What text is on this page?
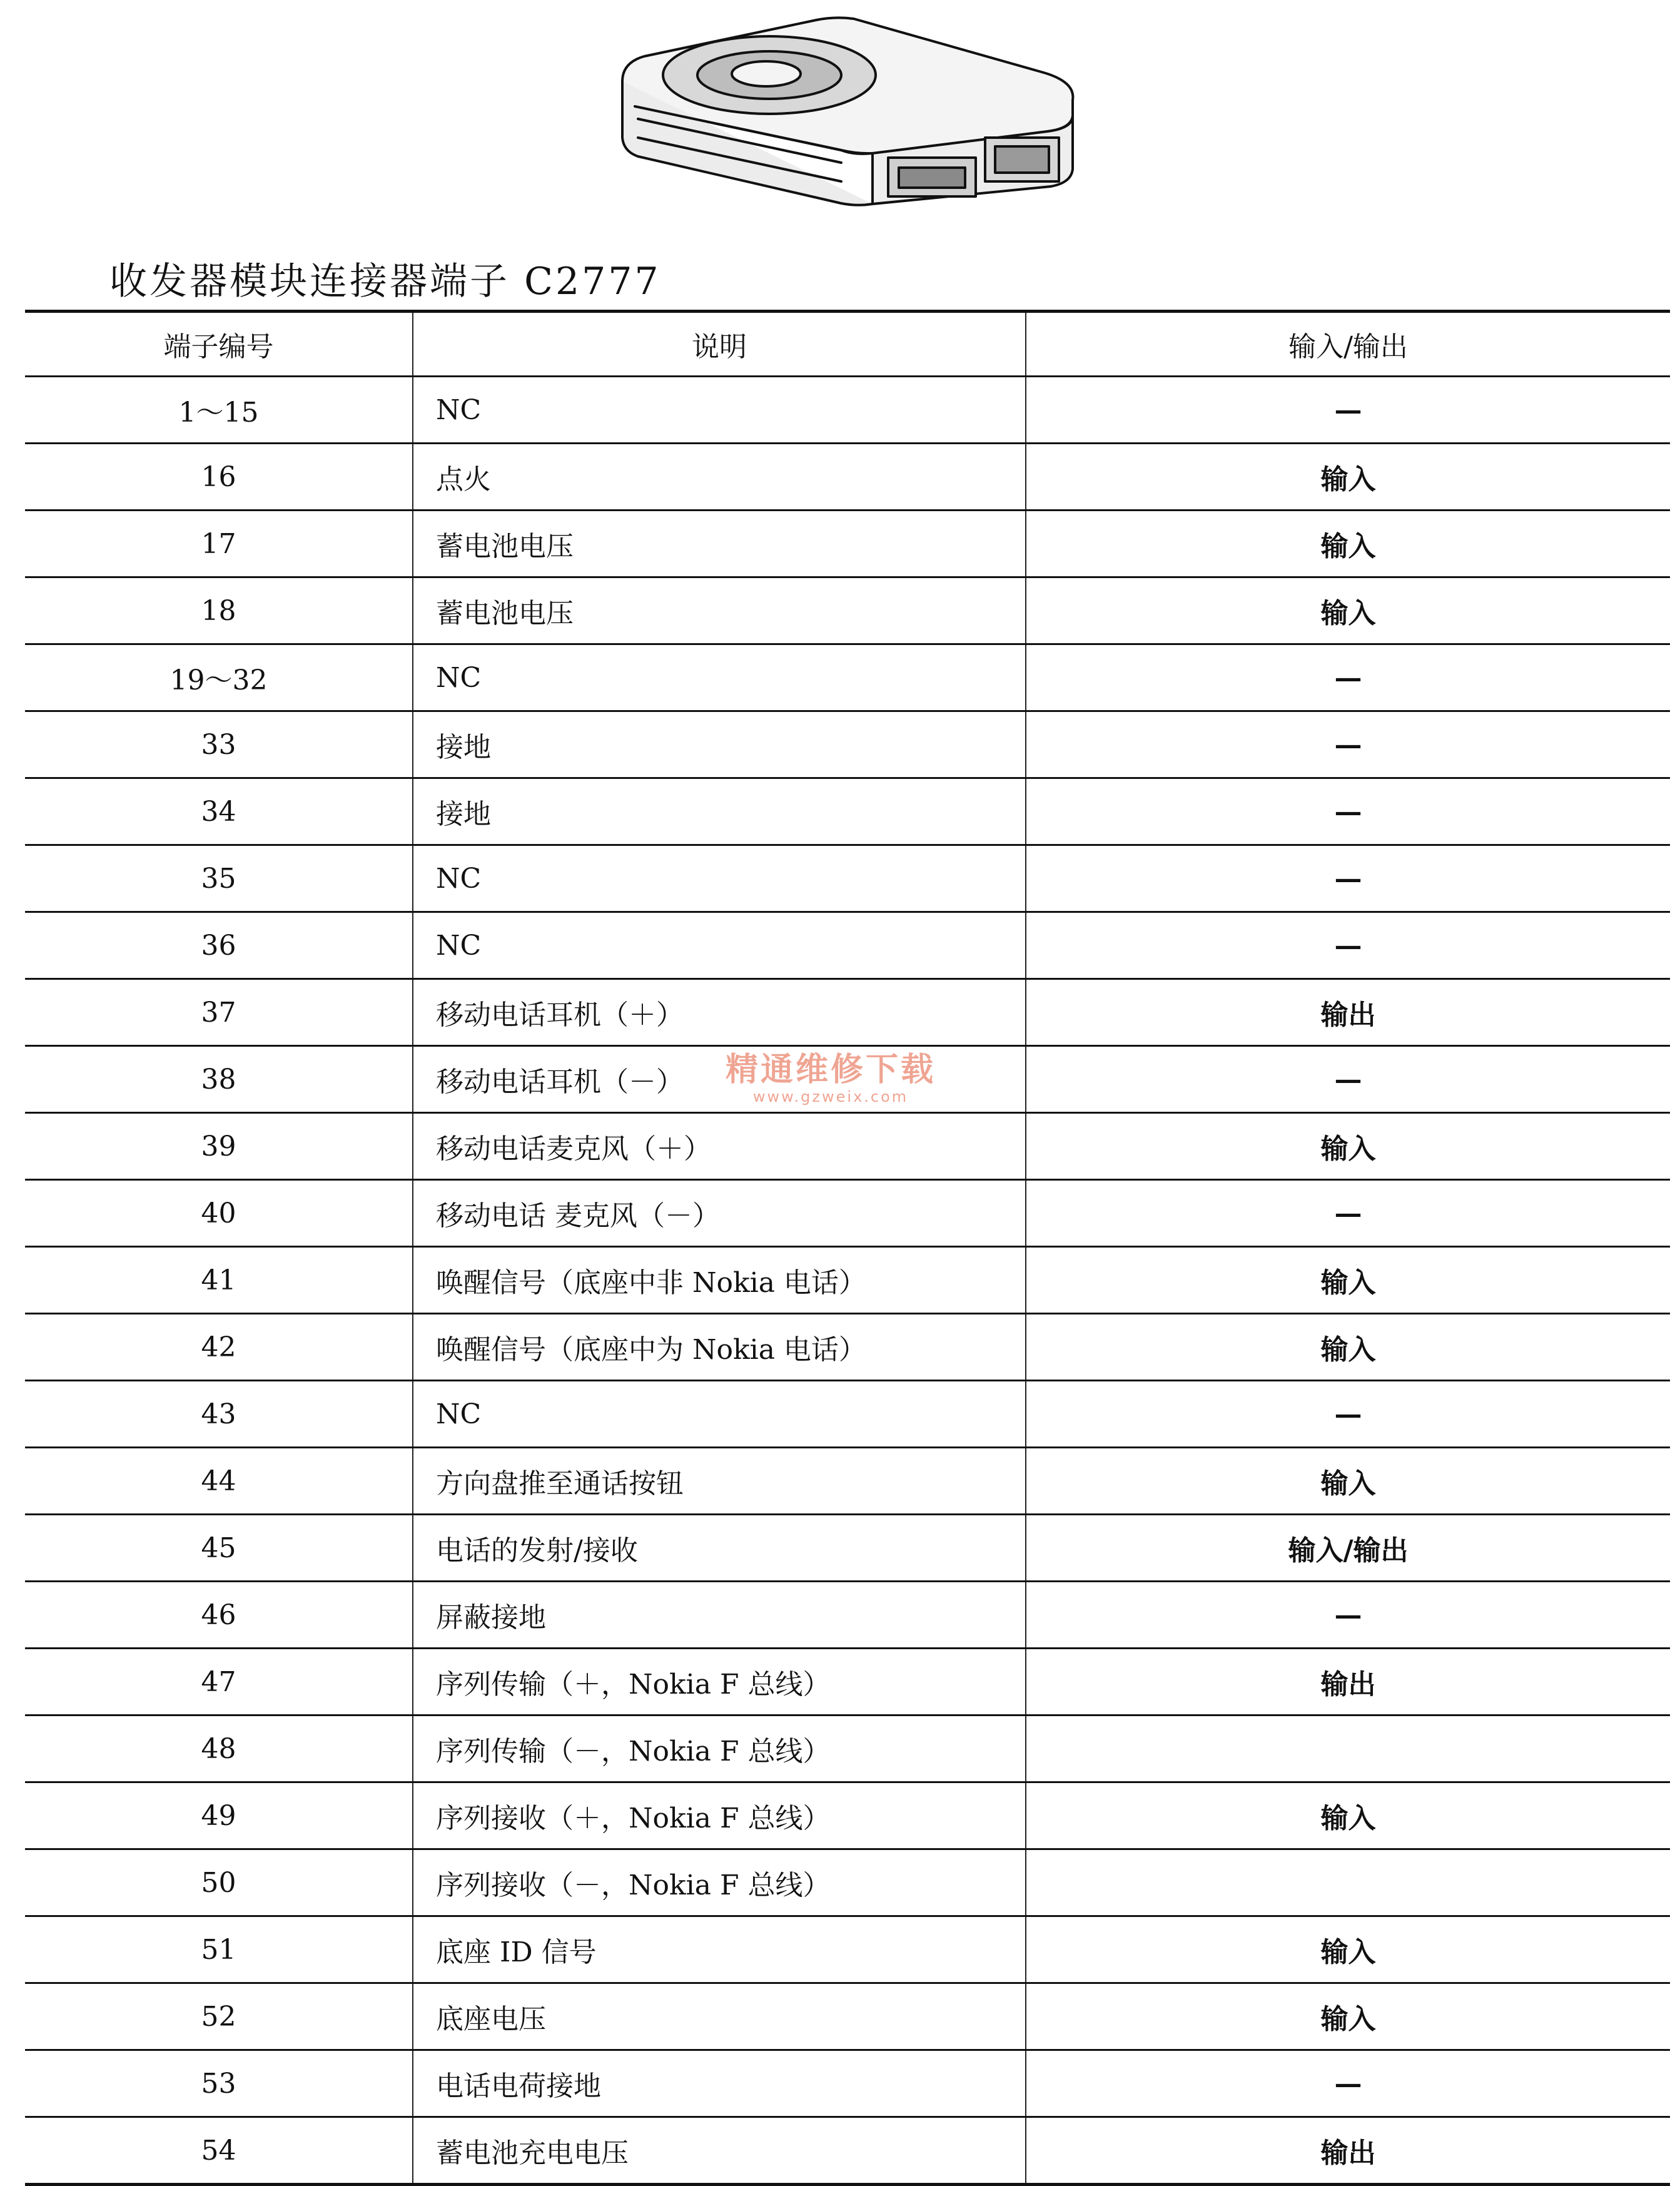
收发器模块连接器端子 C2777
端子编号	说明	输入/输出
1～15	NC	—
16	点火	输入
17	蓄电池电压	输入
18	蓄电池电压	输入
19～32	NC	—
33	接地	—
34	接地	—
35	NC	—
36	NC	—
37	移动电话耳机（＋）	输出
38	移动电话耳机（－）	—
39	移动电话麦克风（＋）	输入
40	移动电话 麦克风（－）	—
41	唤醒信号（底座中非 Nokia 电话）	输入
42	唤醒信号（底座中为 Nokia 电话）	输入
43	NC	—
44	方向盘推至通话按钮	输入
45	电话的发射/接收	输入/输出
46	屏蔽接地	—
47	序列传输（＋，Nokia F 总线）	输出
48	序列传输（－，Nokia F 总线）	
49	序列接收（＋，Nokia F 总线）	输入
50	序列接收（－，Nokia F 总线）	
51	底座 ID 信号	输入
52	底座电压	输入
53	电话电荷接地	—
54	蓄电池充电电压	输出
精通维修下载
www.gzweix.com
